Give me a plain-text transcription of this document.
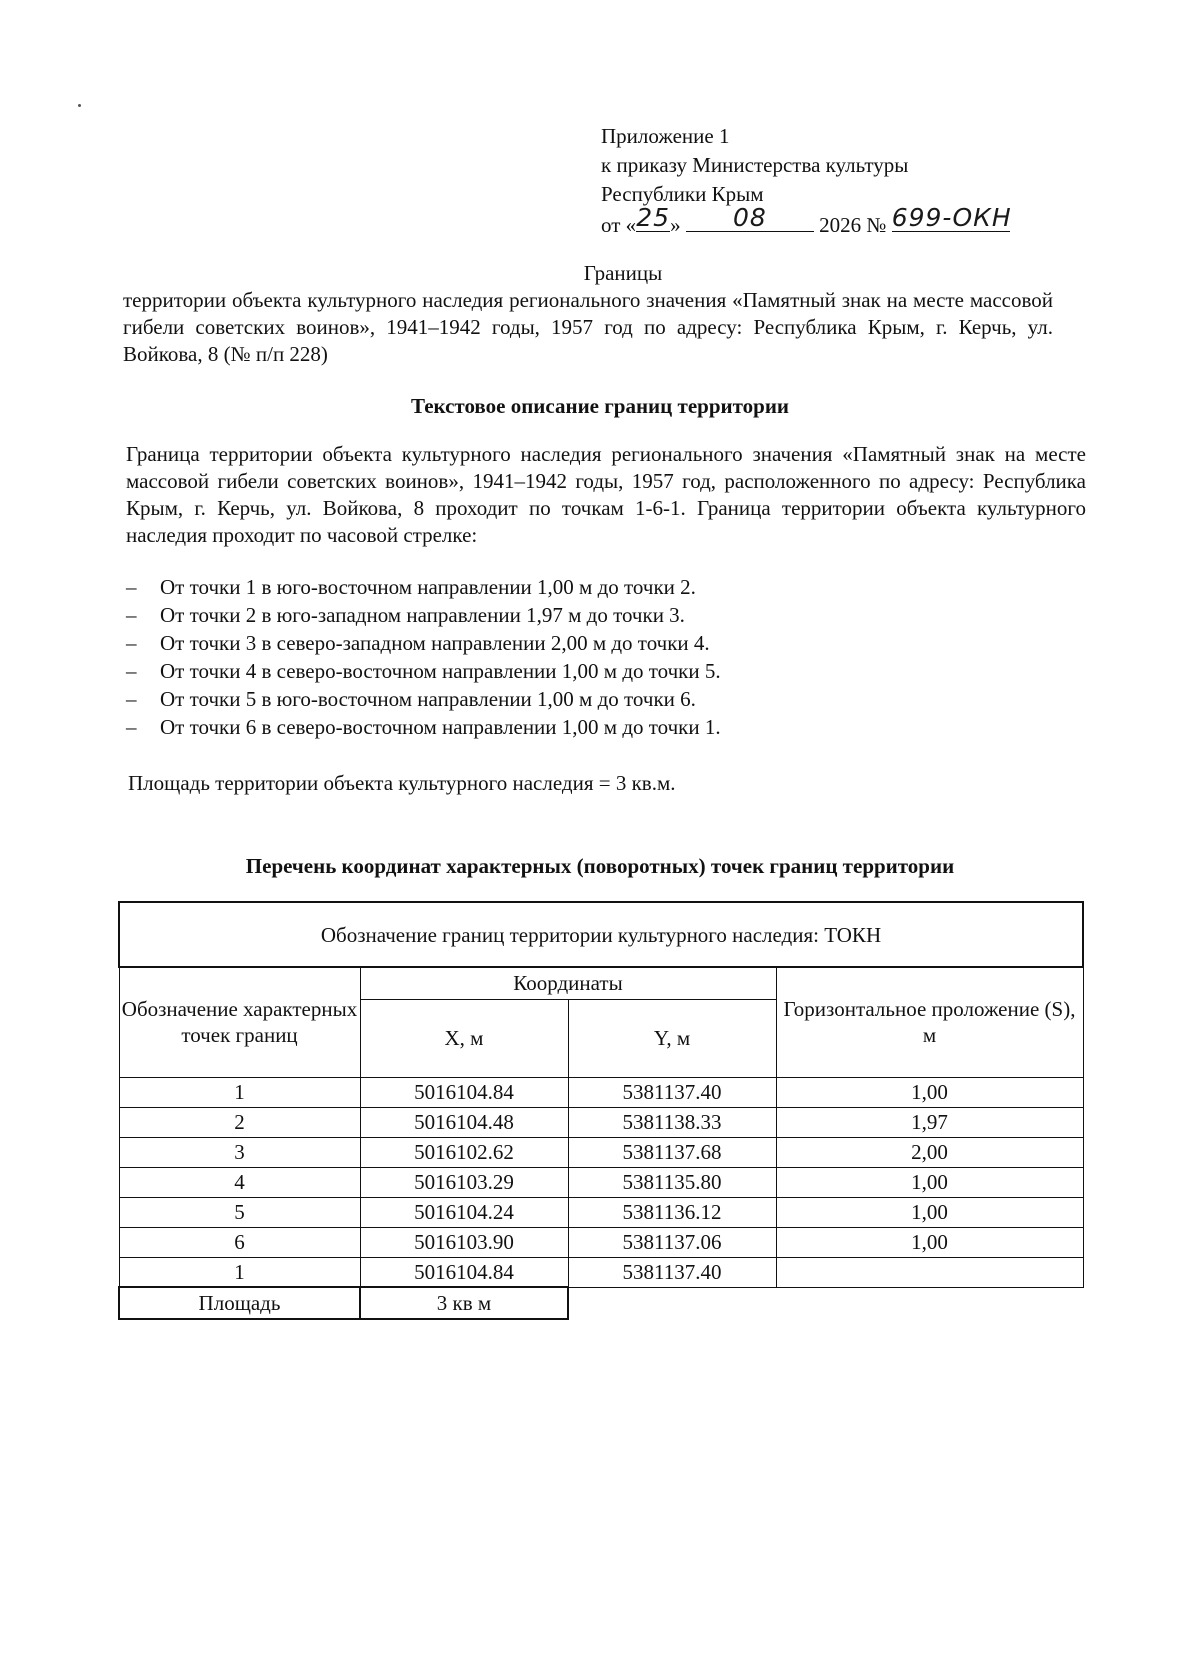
Приложение 1
к приказу Министерства культуры
Республики Крым
от «25» 08 2026 № 699-ОКН
Границы
территории объекта культурного наследия регионального значения «Памятный знак на месте массовой гибели советских воинов», 1941–1942 годы, 1957 год по адресу: Республика Крым, г. Керчь, ул. Войкова, 8 (№ п/п 228)
Текстовое описание границ территории
Граница территории объекта культурного наследия регионального значения «Памятный знак на месте массовой гибели советских воинов», 1941–1942 годы, 1957 год, расположенного по адресу: Республика Крым, г. Керчь, ул. Войкова, 8 проходит по точкам 1-6-1. Граница территории объекта культурного наследия проходит по часовой стрелке:
– От точки 1 в юго-восточном направлении 1,00 м до точки 2.
– От точки 2 в юго-западном направлении 1,97 м до точки 3.
– От точки 3 в северо-западном направлении 2,00 м до точки 4.
– От точки 4 в северо-восточном направлении 1,00 м до точки 5.
– От точки 5 в юго-восточном направлении 1,00 м до точки 6.
– От точки 6 в северо-восточном направлении 1,00 м до точки 1.
Площадь территории объекта культурного наследия = 3 кв.м.
Перечень координат характерных (поворотных) точек границ территории
Обозначение границ территории культурного наследия: ТОКН			
Обозначение характерных точек границ	Координаты		Горизонтальное проложение (S), м
	X, м	Y, м	
1	5016104.84	5381137.40	1,00
2	5016104.48	5381138.33	1,97
3	5016102.62	5381137.68	2,00
4	5016103.29	5381135.80	1,00
5	5016104.24	5381136.12	1,00
6	5016103.90	5381137.06	1,00
1	5016104.84	5381137.40	
Площадь	3 кв м		
